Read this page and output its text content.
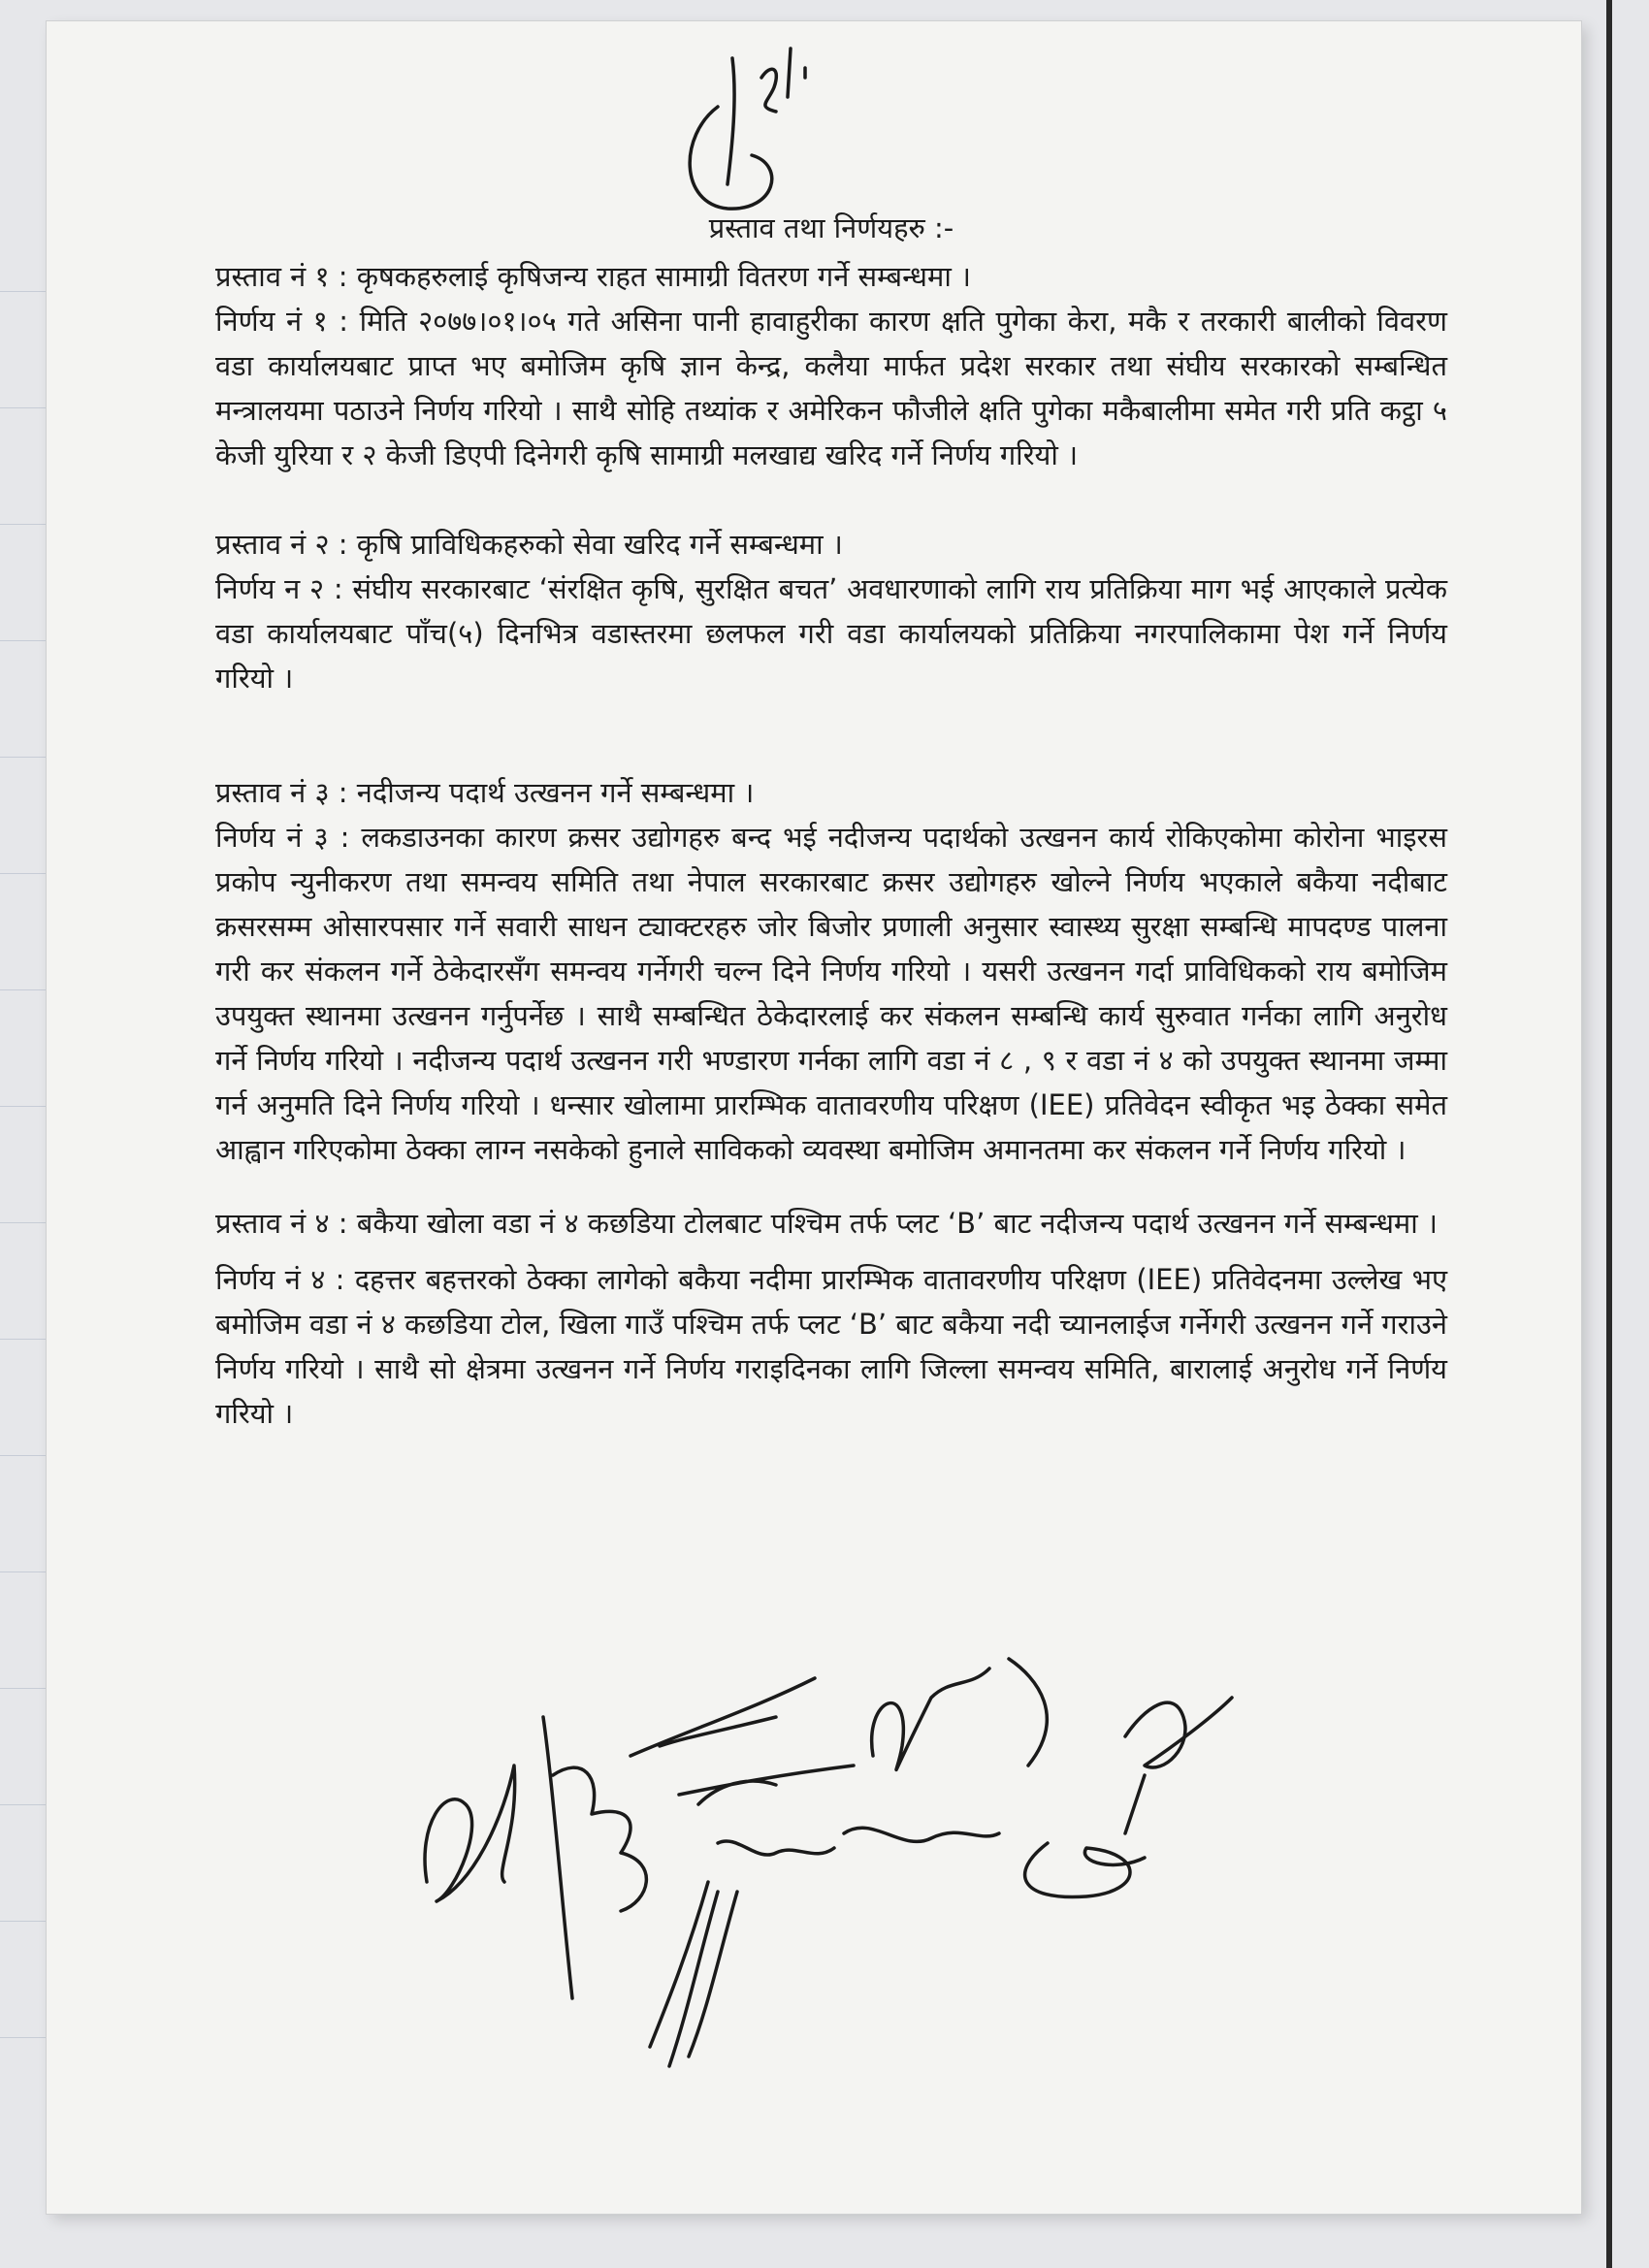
प्रस्ताव तथा निर्णयहरु :-

प्रस्ताव नं १ : कृषकहरुलाई कृषिजन्य राहत सामाग्री वितरण गर्ने सम्बन्धमा ।

निर्णय नं १ : मिति २०७७।०१।०५ गते असिना पानी हावाहुरीका कारण क्षति पुगेका केरा, मकै र तरकारी बालीको विवरण वडा कार्यालयबाट प्राप्त भए बमोजिम कृषि ज्ञान केन्द्र, कलैया मार्फत प्रदेश सरकार तथा संघीय सरकारको सम्बन्धित मन्त्रालयमा पठाउने निर्णय गरियो । साथै सोहि तथ्यांक र अमेरिकन फौजीले क्षति पुगेका मकैबालीमा समेत गरी प्रति कट्ठा ५ केजी युरिया र २ केजी डिएपी दिनेगरी कृषि सामाग्री मलखाद्य खरिद गर्ने निर्णय गरियो ।

प्रस्ताव नं २ : कृषि प्राविधिकहरुको सेवा खरिद गर्ने सम्बन्धमा ।

निर्णय न २ : संघीय सरकारबाट ‘संरक्षित कृषि, सुरक्षित बचत’ अवधारणाको लागि राय प्रतिक्रिया माग भई आएकाले प्रत्येक वडा कार्यालयबाट पाँच(५) दिनभित्र वडास्तरमा छलफल गरी वडा कार्यालयको प्रतिक्रिया नगरपालिकामा पेश गर्ने निर्णय गरियो ।

प्रस्ताव नं ३ : नदीजन्य पदार्थ उत्खनन गर्ने सम्बन्धमा ।

निर्णय नं ३ : लकडाउनका कारण क्रसर उद्योगहरु बन्द भई नदीजन्य पदार्थको उत्खनन कार्य रोकिएकोमा कोरोना भाइरस प्रकोप न्युनीकरण तथा समन्वय समिति तथा नेपाल सरकारबाट क्रसर उद्योगहरु खोल्ने निर्णय भएकाले बकैया नदीबाट क्रसरसम्म ओसारपसार गर्ने सवारी साधन ट्याक्टरहरु जोर बिजोर प्रणाली अनुसार स्वास्थ्य सुरक्षा सम्बन्धि मापदण्ड पालना गरी कर संकलन गर्ने ठेकेदारसँग समन्वय गर्नेगरी चल्न दिने निर्णय गरियो । यसरी उत्खनन गर्दा प्राविधिकको राय बमोजिम उपयुक्त स्थानमा उत्खनन गर्नुपर्नेछ । साथै सम्बन्धित ठेकेदारलाई कर संकलन सम्बन्धि कार्य सुरुवात गर्नका लागि अनुरोध गर्ने निर्णय गरियो । नदीजन्य पदार्थ उत्खनन गरी भण्डारण गर्नका लागि वडा नं ८ , ९ र वडा नं ४ को उपयुक्त स्थानमा जम्मा गर्न अनुमति दिने निर्णय गरियो । धन्सार खोलामा प्रारम्भिक वातावरणीय परिक्षण (IEE) प्रतिवेदन स्वीकृत भइ ठेक्का समेत आह्वान गरिएकोमा ठेक्का लाग्न नसकेको हुनाले साविकको व्यवस्था बमोजिम अमानतमा कर संकलन गर्ने निर्णय गरियो ।

प्रस्ताव नं ४ : बकैया खोला वडा नं ४ कछडिया टोलबाट पश्चिम तर्फ प्लट ‘B’ बाट नदीजन्य पदार्थ उत्खनन गर्ने सम्बन्धमा ।

निर्णय नं ४ : दहत्तर बहत्तरको ठेक्का लागेको बकैया नदीमा प्रारम्भिक वातावरणीय परिक्षण (IEE) प्रतिवेदनमा उल्लेख भए बमोजिम वडा नं ४ कछडिया टोल, खिला गाउँ पश्चिम तर्फ प्लट ‘B’ बाट बकैया नदी च्यानलाईज गर्नेगरी उत्खनन गर्ने गराउने निर्णय गरियो । साथै सो क्षेत्रमा उत्खनन गर्ने निर्णय गराइदिनका लागि जिल्ला समन्वय समिति, बारालाई अनुरोध गर्ने निर्णय गरियो ।
